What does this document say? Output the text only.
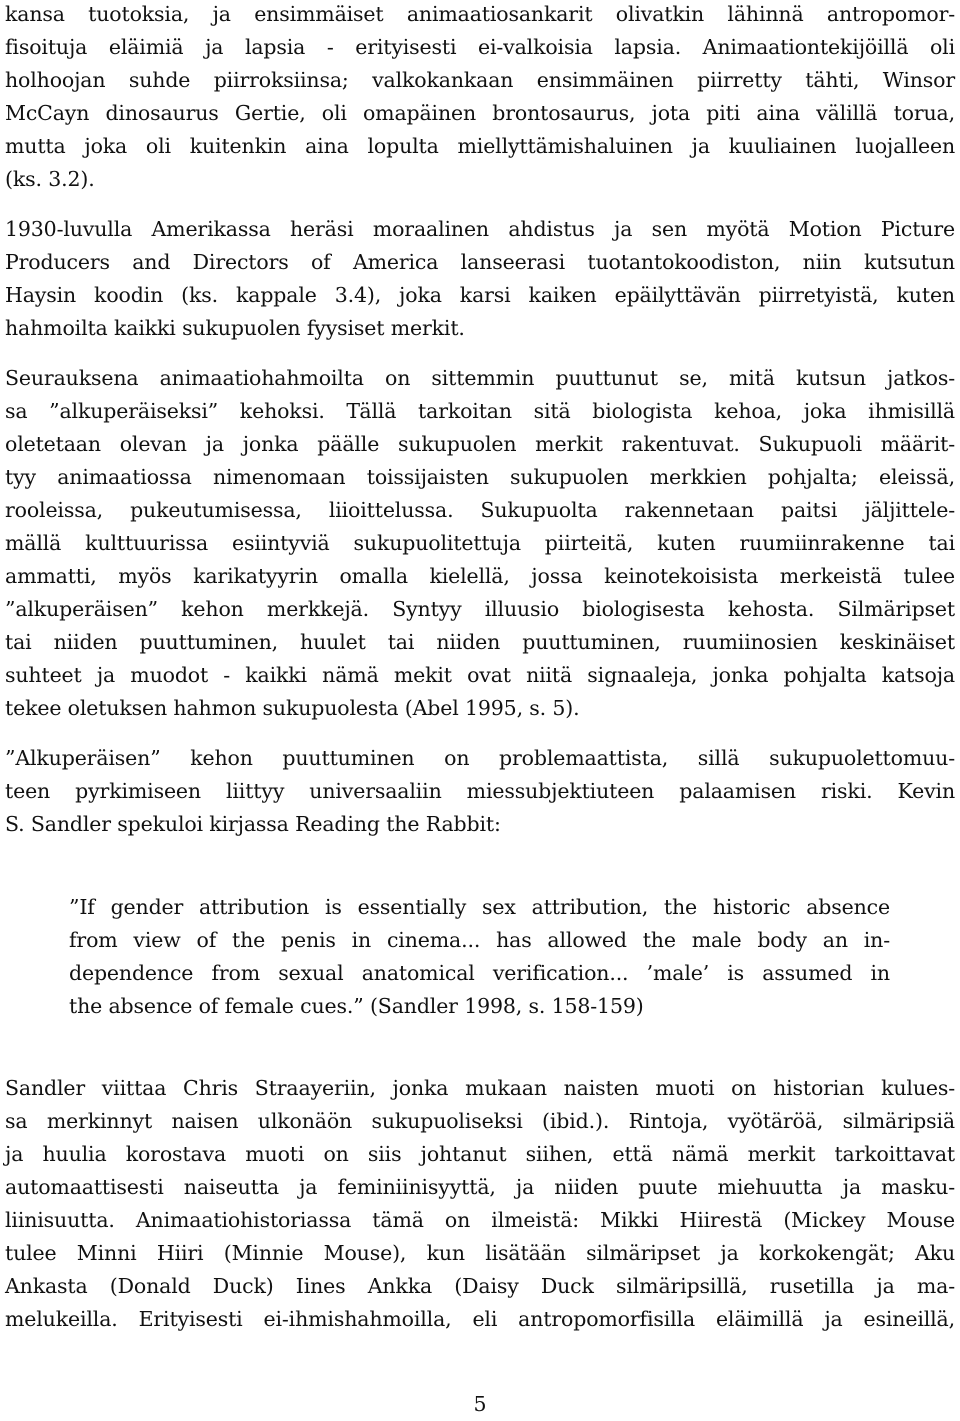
kansa tuotoksia, ja ensimmäiset animaatiosankarit olivatkin lähinnä antropomor-
fisoituja eläimiä ja lapsia - erityisesti ei-valkoisia lapsia. Animaationtekijöillä oli
holhoojan suhde piirroksiinsa; valkokankaan ensimmäinen piirretty tähti, Winsor
McCayn dinosaurus Gertie, oli omapäinen brontosaurus, jota piti aina välillä torua,
mutta joka oli kuitenkin aina lopulta miellyttämishaluinen ja kuuliainen luojalleen
(ks. 3.2).
1930-luvulla Amerikassa heräsi moraalinen ahdistus ja sen myötä Motion Picture
Producers and Directors of America lanseerasi tuotantokoodiston, niin kutsutun
Haysin koodin (ks. kappale 3.4), joka karsi kaiken epäilyttävän piirretyistä, kuten
hahmoilta kaikki sukupuolen fyysiset merkit.
Seurauksena animaatiohahmoilta on sittemmin puuttunut se, mitä kutsun jatkos-
sa ”alkuperäiseksi” kehoksi. Tällä tarkoitan sitä biologista kehoa, joka ihmisillä
oletetaan olevan ja jonka päälle sukupuolen merkit rakentuvat. Sukupuoli määrit-
tyy animaatiossa nimenomaan toissijaisten sukupuolen merkkien pohjalta; eleissä,
rooleissa, pukeutumisessa, liioittelussa. Sukupuolta rakennetaan paitsi jäljittele-
mällä kulttuurissa esiintyviä sukupuolitettuja piirteitä, kuten ruumiinrakenne tai
ammatti, myös karikatyyrin omalla kielellä, jossa keinotekoisista merkeistä tulee
”alkuperäisen” kehon merkkejä. Syntyy illuusio biologisesta kehosta. Silmäripset
tai niiden puuttuminen, huulet tai niiden puuttuminen, ruumiinosien keskinäiset
suhteet ja muodot - kaikki nämä mekit ovat niitä signaaleja, jonka pohjalta katsoja
tekee oletuksen hahmon sukupuolesta (Abel 1995, s. 5).
”Alkuperäisen” kehon puuttuminen on problemaattista, sillä sukupuolettomuu-
teen pyrkimiseen liittyy universaaliin miessubjektiuteen palaamisen riski. Kevin
S. Sandler spekuloi kirjassa Reading the Rabbit:
”If gender attribution is essentially sex attribution, the historic absence
from view of the penis in cinema... has allowed the male body an in-
dependence from sexual anatomical verification... ’male’ is assumed in
the absence of female cues.” (Sandler 1998, s. 158-159)
Sandler viittaa Chris Straayeriin, jonka mukaan naisten muoti on historian kulues-
sa merkinnyt naisen ulkonäön sukupuoliseksi (ibid.). Rintoja, vyötäröä, silmäripsiä
ja huulia korostava muoti on siis johtanut siihen, että nämä merkit tarkoittavat
automaattisesti naiseutta ja feminiinisyyttä, ja niiden puute miehuutta ja masku-
liinisuutta. Animaatiohistoriassa tämä on ilmeistä: Mikki Hiirestä (Mickey Mouse
tulee Minni Hiiri (Minnie Mouse), kun lisätään silmäripset ja korkokengät; Aku
Ankasta (Donald Duck) Iines Ankka (Daisy Duck silmäripsillä, rusetilla ja ma-
melukeilla. Erityisesti ei-ihmishahmoilla, eli antropomorfisilla eläimillä ja esineillä,
5
